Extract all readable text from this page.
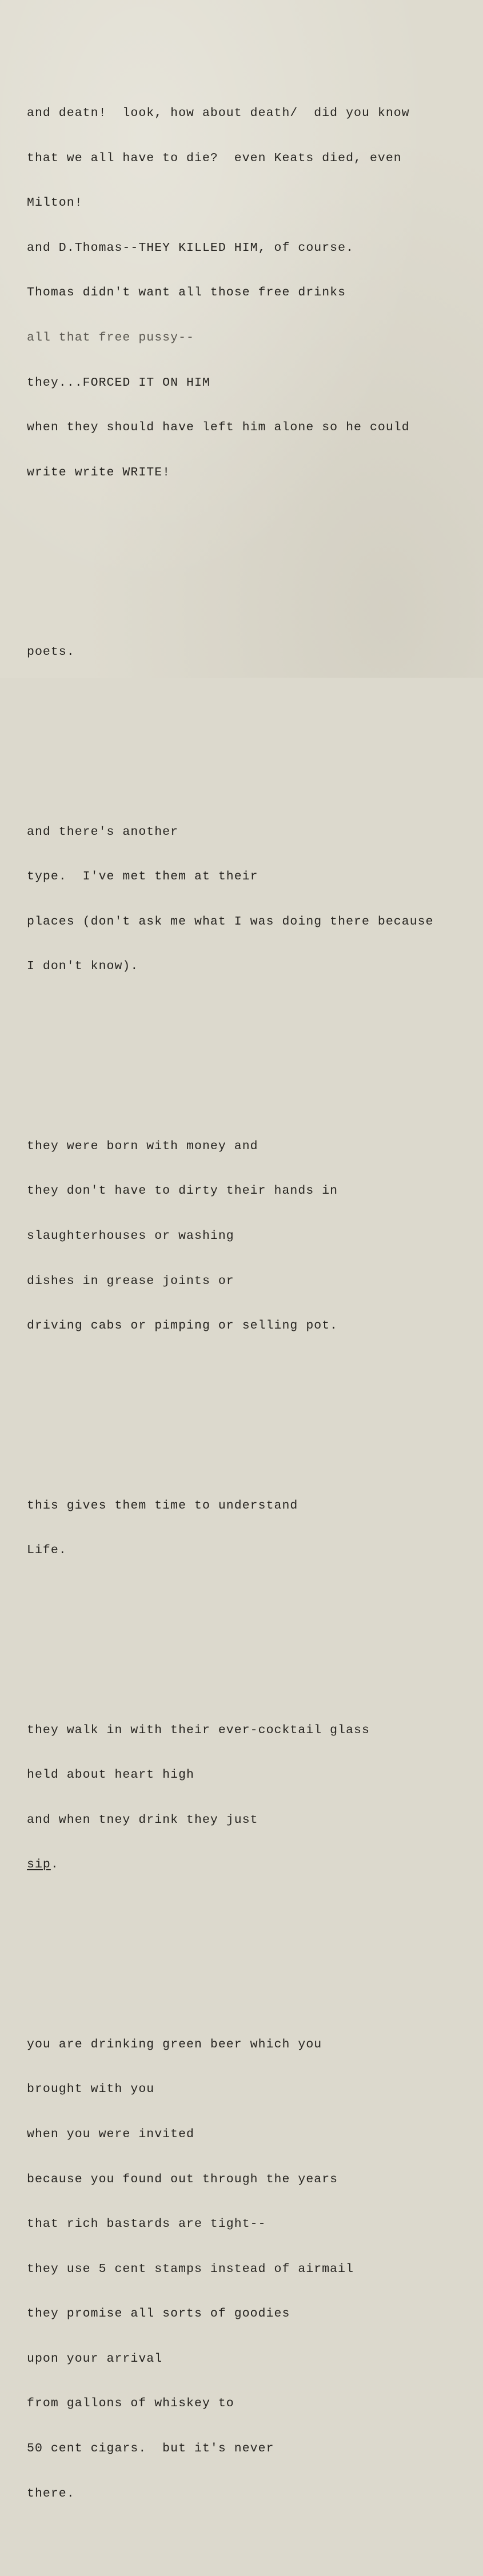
and deatn!  look, how about death/  did you know

that we all have to die?  even Keats died, even

Milton!

and D.Thomas--THEY KILLED HIM, of course.

Thomas didn't want all those free drinks

all that free pussy--

they...FORCED IT ON HIM

when they should have left him alone so he could

write write WRITE!

poets.

and there's another

type.  I've met them at their

places (don't ask me what I was doing there because

I don't know).

they were born with money and

they don't have to dirty their hands in

slaughterhouses or washing

dishes in grease joints or

driving cabs or pimping or selling pot.

this gives them time to understand

Life.

they walk in with their ever-cocktail glass

held about heart high

and when tney drink they just

sip.

you are drinking green beer which you

brought with you

when you were invited

because you found out through the years

that rich bastards are tight--

they use 5 cent stamps instead of airmail

they promise all sorts of goodies

upon your arrival

from gallons of whiskey to

50 cent cigars.  but it's never

there.
